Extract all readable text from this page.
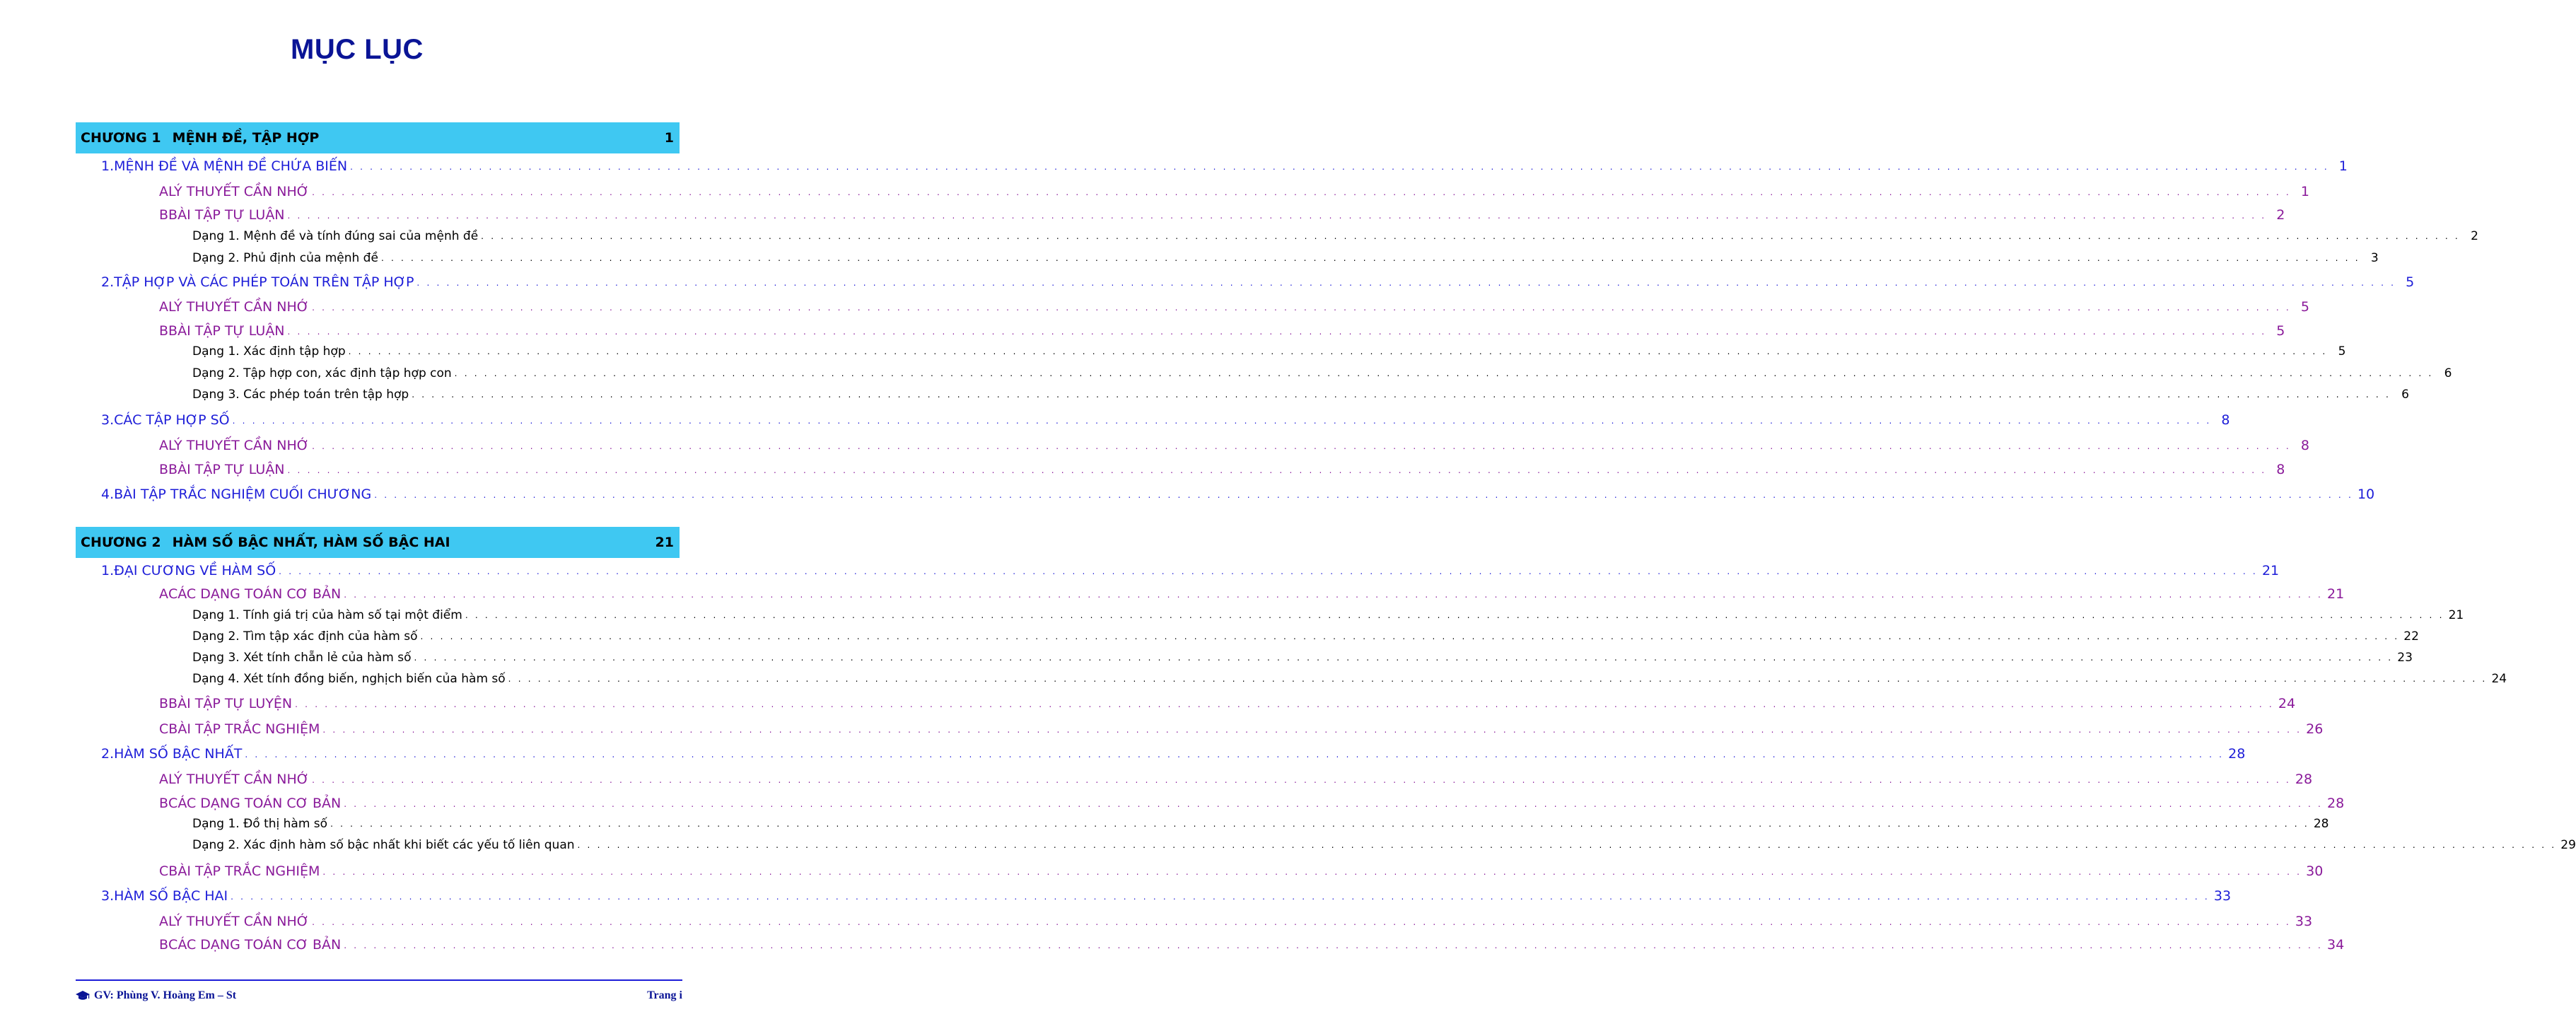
MỤC LỤC
CHƯƠNG 1 MỆNH ĐỀ, TẬP HỢP	1
1. MỆNH ĐỀ VÀ MỆNH ĐỀ CHỨA BIẾN . . . . . . . . . . . . . . . . . . . . . . . . . . . . . . . . . . . . . . . . . . . . . . . . . . . . . . . . . . . . . . . . . . . . . . . . . . . . . . . . . . . . . . . . . . . . . . . . . . . . . . . . . . . . . . . . . . . . . . . . . . . . . . . . . . . . . . . . . . . . . . . . . . . . . . . . . . . . . . . . . . . . . . . . . . . . . . . . . . . . . . . . . . . . . . . . . . . . . . . . 1
A LÝ THUYẾT CẦN NHỚ . . . . . . . . . . . . . . . . . . . . . . . . . . . . . . . . . . . . . . . . . . . . . . . . . . . . . . . . . . . . . . . . . . . . . . . . . . . . . . . . . . . . . . . . . . . . . . . . . . . . . . . . . . . . . . . . . . . . . . . . . . . . . . . . . . . . . . . . . . . . . . . . . . . . . . . . . . . . . . . . . . . . . . . . . . . . . . . . . . . . . . . . . . . . . . . . . . . . . . . . 1
B BÀI TẬP TỰ LUẬN . . . . . . . . . . . . . . . . . . . . . . . . . . . . . . . . . . . . . . . . . . . . . . . . . . . . . . . . . . . . . . . . . . . . . . . . . . . . . . . . . . . . . . . . . . . . . . . . . . . . . . . . . . . . . . . . . . . . . . . . . . . . . . . . . . . . . . . . . . . . . . . . . . . . . . . . . . . . . . . . . . . . . . . . . . . . . . . . . . . . . . . . . . . . . . . . . . . . . . . . 2
Dạng 1. Mệnh đề và tính đúng sai của mệnh đề . . . . . . . . . . . . . . . . . . . . . . . . . . . . . . . . . . . . . . . . . . . . . . . . . . . . . . . . . . . . . . . . . . . . . . . . . . . . . . . . . . . . . . . . . . . . . . . . . . . . . . . . . . . . . . . . . . . . . . . . . . . . . . . . . . . . . . . . . . . . . . . . . . . . . . . . . . . . . . . . . . . . . . . . . . . . . . . . . . . . . . . . . . . . . . . . . . . . . . . . 2
Dạng 2. Phủ định của mệnh đề . . . . . . . . . . . . . . . . . . . . . . . . . . . . . . . . . . . . . . . . . . . . . . . . . . . . . . . . . . . . . . . . . . . . . . . . . . . . . . . . . . . . . . . . . . . . . . . . . . . . . . . . . . . . . . . . . . . . . . . . . . . . . . . . . . . . . . . . . . . . . . . . . . . . . . . . . . . . . . . . . . . . . . . . . . . . . . . . . . . . . . . . . . . . . . . . . . . . . . . . 3
2. TẬP HỢP VÀ CÁC PHÉP TOÁN TRÊN TẬP HỢP . . . . . . . . . . . . . . . . . . . . . . . . . . . . . . . . . . . . . . . . . . . . . . . . . . . . . . . . . . . . . . . . . . . . . . . . . . . . . . . . . . . . . . . . . . . . . . . . . . . . . . . . . . . . . . . . . . . . . . . . . . . . . . . . . . . . . . . . . . . . . . . . . . . . . . . . . . . . . . . . . . . . . . . . . . . . . . . . . . . . . . . . . . . . . . . . . . . . . . . . 5
A LÝ THUYẾT CẦN NHỚ . . . . . . . . . . . . . . . . . . . . . . . . . . . . . . . . . . . . . . . . . . . . . . . . . . . . . . . . . . . . . . . . . . . . . . . . . . . . . . . . . . . . . . . . . . . . . . . . . . . . . . . . . . . . . . . . . . . . . . . . . . . . . . . . . . . . . . . . . . . . . . . . . . . . . . . . . . . . . . . . . . . . . . . . . . . . . . . . . . . . . . . . . . . . . . . . . . . . . . . . 5
B BÀI TẬP TỰ LUẬN . . . . . . . . . . . . . . . . . . . . . . . . . . . . . . . . . . . . . . . . . . . . . . . . . . . . . . . . . . . . . . . . . . . . . . . . . . . . . . . . . . . . . . . . . . . . . . . . . . . . . . . . . . . . . . . . . . . . . . . . . . . . . . . . . . . . . . . . . . . . . . . . . . . . . . . . . . . . . . . . . . . . . . . . . . . . . . . . . . . . . . . . . . . . . . . . . . . . . . . . 5
Dạng 1. Xác định tập hợp . . . . . . . . . . . . . . . . . . . . . . . . . . . . . . . . . . . . . . . . . . . . . . . . . . . . . . . . . . . . . . . . . . . . . . . . . . . . . . . . . . . . . . . . . . . . . . . . . . . . . . . . . . . . . . . . . . . . . . . . . . . . . . . . . . . . . . . . . . . . . . . . . . . . . . . . . . . . . . . . . . . . . . . . . . . . . . . . . . . . . . . . . . . . . . . . . . . . . . . . 5
Dạng 2. Tập hợp con, xác định tập hợp con . . . . . . . . . . . . . . . . . . . . . . . . . . . . . . . . . . . . . . . . . . . . . . . . . . . . . . . . . . . . . . . . . . . . . . . . . . . . . . . . . . . . . . . . . . . . . . . . . . . . . . . . . . . . . . . . . . . . . . . . . . . . . . . . . . . . . . . . . . . . . . . . . . . . . . . . . . . . . . . . . . . . . . . . . . . . . . . . . . . . . . . . . . . . . . . . . . . . . . . . 6
Dạng 3. Các phép toán trên tập hợp . . . . . . . . . . . . . . . . . . . . . . . . . . . . . . . . . . . . . . . . . . . . . . . . . . . . . . . . . . . . . . . . . . . . . . . . . . . . . . . . . . . . . . . . . . . . . . . . . . . . . . . . . . . . . . . . . . . . . . . . . . . . . . . . . . . . . . . . . . . . . . . . . . . . . . . . . . . . . . . . . . . . . . . . . . . . . . . . . . . . . . . . . . . . . . . . . . . . . . . . 6
3. CÁC TẬP HỢP SỐ . . . . . . . . . . . . . . . . . . . . . . . . . . . . . . . . . . . . . . . . . . . . . . . . . . . . . . . . . . . . . . . . . . . . . . . . . . . . . . . . . . . . . . . . . . . . . . . . . . . . . . . . . . . . . . . . . . . . . . . . . . . . . . . . . . . . . . . . . . . . . . . . . . . . . . . . . . . . . . . . . . . . . . . . . . . . . . . . . . . . . . . . . . . . . . . . . . . . . . . . 8
A LÝ THUYẾT CẦN NHỚ . . . . . . . . . . . . . . . . . . . . . . . . . . . . . . . . . . . . . . . . . . . . . . . . . . . . . . . . . . . . . . . . . . . . . . . . . . . . . . . . . . . . . . . . . . . . . . . . . . . . . . . . . . . . . . . . . . . . . . . . . . . . . . . . . . . . . . . . . . . . . . . . . . . . . . . . . . . . . . . . . . . . . . . . . . . . . . . . . . . . . . . . . . . . . . . . . . . . . . . . 8
B BÀI TẬP TỰ LUẬN . . . . . . . . . . . . . . . . . . . . . . . . . . . . . . . . . . . . . . . . . . . . . . . . . . . . . . . . . . . . . . . . . . . . . . . . . . . . . . . . . . . . . . . . . . . . . . . . . . . . . . . . . . . . . . . . . . . . . . . . . . . . . . . . . . . . . . . . . . . . . . . . . . . . . . . . . . . . . . . . . . . . . . . . . . . . . . . . . . . . . . . . . . . . . . . . . . . . . . . . 8
4. BÀI TẬP TRẮC NGHIỆM CUỐI CHƯƠNG . . . . . . . . . . . . . . . . . . . . . . . . . . . . . . . . . . . . . . . . . . . . . . . . . . . . . . . . . . . . . . . . . . . . . . . . . . . . . . . . . . . . . . . . . . . . . . . . . . . . . . . . . . . . . . . . . . . . . . . . . . . . . . . . . . . . . . . . . . . . . . . . . . . . . . . . . . . . . . . . . . . . . . . . . . . . . . . . . . . . . . . . . . . . . . . . . . . . . . . . 10
CHƯƠNG 2 HÀM SỐ BẬC NHẤT, HÀM SỐ BẬC HAI	21
1. ĐẠI CƯƠNG VỀ HÀM SỐ . . . . . . . . . . . . . . . . . . . . . . . . . . . . . . . . . . . . . . . . . . . . . . . . . . . . . . . . . . . . . . . . . . . . . . . . . . . . . . . . . . . . . . . . . . . . . . . . . . . . . . . . . . . . . . . . . . . . . . . . . . . . . . . . . . . . . . . . . . . . . . . . . . . . . . . . . . . . . . . . . . . . . . . . . . . . . . . . . . . . . . . . . . . . . . . . . . . . . . . . 21
A CÁC DẠNG TOÁN CƠ BẢN . . . . . . . . . . . . . . . . . . . . . . . . . . . . . . . . . . . . . . . . . . . . . . . . . . . . . . . . . . . . . . . . . . . . . . . . . . . . . . . . . . . . . . . . . . . . . . . . . . . . . . . . . . . . . . . . . . . . . . . . . . . . . . . . . . . . . . . . . . . . . . . . . . . . . . . . . . . . . . . . . . . . . . . . . . . . . . . . . . . . . . . . . . . . . . . . . . . . . . . . 21
Dạng 1. Tính giá trị của hàm số tại một điểm . . . . . . . . . . . . . . . . . . . . . . . . . . . . . . . . . . . . . . . . . . . . . . . . . . . . . . . . . . . . . . . . . . . . . . . . . . . . . . . . . . . . . . . . . . . . . . . . . . . . . . . . . . . . . . . . . . . . . . . . . . . . . . . . . . . . . . . . . . . . . . . . . . . . . . . . . . . . . . . . . . . . . . . . . . . . . . . . . . . . . . . . . . . . . . . . . . . . . . . . 21
Dạng 2. Tìm tập xác định của hàm số . . . . . . . . . . . . . . . . . . . . . . . . . . . . . . . . . . . . . . . . . . . . . . . . . . . . . . . . . . . . . . . . . . . . . . . . . . . . . . . . . . . . . . . . . . . . . . . . . . . . . . . . . . . . . . . . . . . . . . . . . . . . . . . . . . . . . . . . . . . . . . . . . . . . . . . . . . . . . . . . . . . . . . . . . . . . . . . . . . . . . . . . . . . . . . . . . . . . . . . . 22
Dạng 3. Xét tính chẵn lẻ của hàm số . . . . . . . . . . . . . . . . . . . . . . . . . . . . . . . . . . . . . . . . . . . . . . . . . . . . . . . . . . . . . . . . . . . . . . . . . . . . . . . . . . . . . . . . . . . . . . . . . . . . . . . . . . . . . . . . . . . . . . . . . . . . . . . . . . . . . . . . . . . . . . . . . . . . . . . . . . . . . . . . . . . . . . . . . . . . . . . . . . . . . . . . . . . . . . . . . . . . . . . . 23
Dạng 4. Xét tính đồng biến, nghịch biến của hàm số . . . . . . . . . . . . . . . . . . . . . . . . . . . . . . . . . . . . . . . . . . . . . . . . . . . . . . . . . . . . . . . . . . . . . . . . . . . . . . . . . . . . . . . . . . . . . . . . . . . . . . . . . . . . . . . . . . . . . . . . . . . . . . . . . . . . . . . . . . . . . . . . . . . . . . . . . . . . . . . . . . . . . . . . . . . . . . . . . . . . . . . . . . . . . . . . . . . . . . . . 24
B BÀI TẬP TỰ LUYỆN . . . . . . . . . . . . . . . . . . . . . . . . . . . . . . . . . . . . . . . . . . . . . . . . . . . . . . . . . . . . . . . . . . . . . . . . . . . . . . . . . . . . . . . . . . . . . . . . . . . . . . . . . . . . . . . . . . . . . . . . . . . . . . . . . . . . . . . . . . . . . . . . . . . . . . . . . . . . . . . . . . . . . . . . . . . . . . . . . . . . . . . . . . . . . . . . . . . . . . . . 24
C BÀI TẬP TRẮC NGHIỆM . . . . . . . . . . . . . . . . . . . . . . . . . . . . . . . . . . . . . . . . . . . . . . . . . . . . . . . . . . . . . . . . . . . . . . . . . . . . . . . . . . . . . . . . . . . . . . . . . . . . . . . . . . . . . . . . . . . . . . . . . . . . . . . . . . . . . . . . . . . . . . . . . . . . . . . . . . . . . . . . . . . . . . . . . . . . . . . . . . . . . . . . . . . . . . . . . . . . . . . . 26
2. HÀM SỐ BẬC NHẤT . . . . . . . . . . . . . . . . . . . . . . . . . . . . . . . . . . . . . . . . . . . . . . . . . . . . . . . . . . . . . . . . . . . . . . . . . . . . . . . . . . . . . . . . . . . . . . . . . . . . . . . . . . . . . . . . . . . . . . . . . . . . . . . . . . . . . . . . . . . . . . . . . . . . . . . . . . . . . . . . . . . . . . . . . . . . . . . . . . . . . . . . . . . . . . . . . . . . . . . . 28
A LÝ THUYẾT CẦN NHỚ . . . . . . . . . . . . . . . . . . . . . . . . . . . . . . . . . . . . . . . . . . . . . . . . . . . . . . . . . . . . . . . . . . . . . . . . . . . . . . . . . . . . . . . . . . . . . . . . . . . . . . . . . . . . . . . . . . . . . . . . . . . . . . . . . . . . . . . . . . . . . . . . . . . . . . . . . . . . . . . . . . . . . . . . . . . . . . . . . . . . . . . . . . . . . . . . . . . . . . . . 28
B CÁC DẠNG TOÁN CƠ BẢN . . . . . . . . . . . . . . . . . . . . . . . . . . . . . . . . . . . . . . . . . . . . . . . . . . . . . . . . . . . . . . . . . . . . . . . . . . . . . . . . . . . . . . . . . . . . . . . . . . . . . . . . . . . . . . . . . . . . . . . . . . . . . . . . . . . . . . . . . . . . . . . . . . . . . . . . . . . . . . . . . . . . . . . . . . . . . . . . . . . . . . . . . . . . . . . . . . . . . . . . 28
Dạng 1. Đồ thị hàm số . . . . . . . . . . . . . . . . . . . . . . . . . . . . . . . . . . . . . . . . . . . . . . . . . . . . . . . . . . . . . . . . . . . . . . . . . . . . . . . . . . . . . . . . . . . . . . . . . . . . . . . . . . . . . . . . . . . . . . . . . . . . . . . . . . . . . . . . . . . . . . . . . . . . . . . . . . . . . . . . . . . . . . . . . . . . . . . . . . . . . . . . . . . . . . . . . . . . . . . . 28
Dạng 2. Xác định hàm số bậc nhất khi biết các yếu tố liên quan . . . . . . . . . . . . . . . . . . . . . . . . . . . . . . . . . . . . . . . . . . . . . . . . . . . . . . . . . . . . . . . . . . . . . . . . . . . . . . . . . . . . . . . . . . . . . . . . . . . . . . . . . . . . . . . . . . . . . . . . . . . . . . . . . . . . . . . . . . . . . . . . . . . . . . . . . . . . . . . . . . . . . . . . . . . . . . . . . . . . . . . . . . . . . . . . . . . . . . . . 29
C BÀI TẬP TRẮC NGHIỆM . . . . . . . . . . . . . . . . . . . . . . . . . . . . . . . . . . . . . . . . . . . . . . . . . . . . . . . . . . . . . . . . . . . . . . . . . . . . . . . . . . . . . . . . . . . . . . . . . . . . . . . . . . . . . . . . . . . . . . . . . . . . . . . . . . . . . . . . . . . . . . . . . . . . . . . . . . . . . . . . . . . . . . . . . . . . . . . . . . . . . . . . . . . . . . . . . . . . . . . . 30
3. HÀM SỐ BẬC HAI . . . . . . . . . . . . . . . . . . . . . . . . . . . . . . . . . . . . . . . . . . . . . . . . . . . . . . . . . . . . . . . . . . . . . . . . . . . . . . . . . . . . . . . . . . . . . . . . . . . . . . . . . . . . . . . . . . . . . . . . . . . . . . . . . . . . . . . . . . . . . . . . . . . . . . . . . . . . . . . . . . . . . . . . . . . . . . . . . . . . . . . . . . . . . . . . . . . . . . . . 33
A LÝ THUYẾT CẦN NHỚ . . . . . . . . . . . . . . . . . . . . . . . . . . . . . . . . . . . . . . . . . . . . . . . . . . . . . . . . . . . . . . . . . . . . . . . . . . . . . . . . . . . . . . . . . . . . . . . . . . . . . . . . . . . . . . . . . . . . . . . . . . . . . . . . . . . . . . . . . . . . . . . . . . . . . . . . . . . . . . . . . . . . . . . . . . . . . . . . . . . . . . . . . . . . . . . . . . . . . . . . 33
B CÁC DẠNG TOÁN CƠ BẢN . . . . . . . . . . . . . . . . . . . . . . . . . . . . . . . . . . . . . . . . . . . . . . . . . . . . . . . . . . . . . . . . . . . . . . . . . . . . . . . . . . . . . . . . . . . . . . . . . . . . . . . . . . . . . . . . . . . . . . . . . . . . . . . . . . . . . . . . . . . . . . . . . . . . . . . . . . . . . . . . . . . . . . . . . . . . . . . . . . . . . . . . . . . . . . . . . . . . . . . . 34
GV: Phùng V. Hoàng Em – St	Trang i
